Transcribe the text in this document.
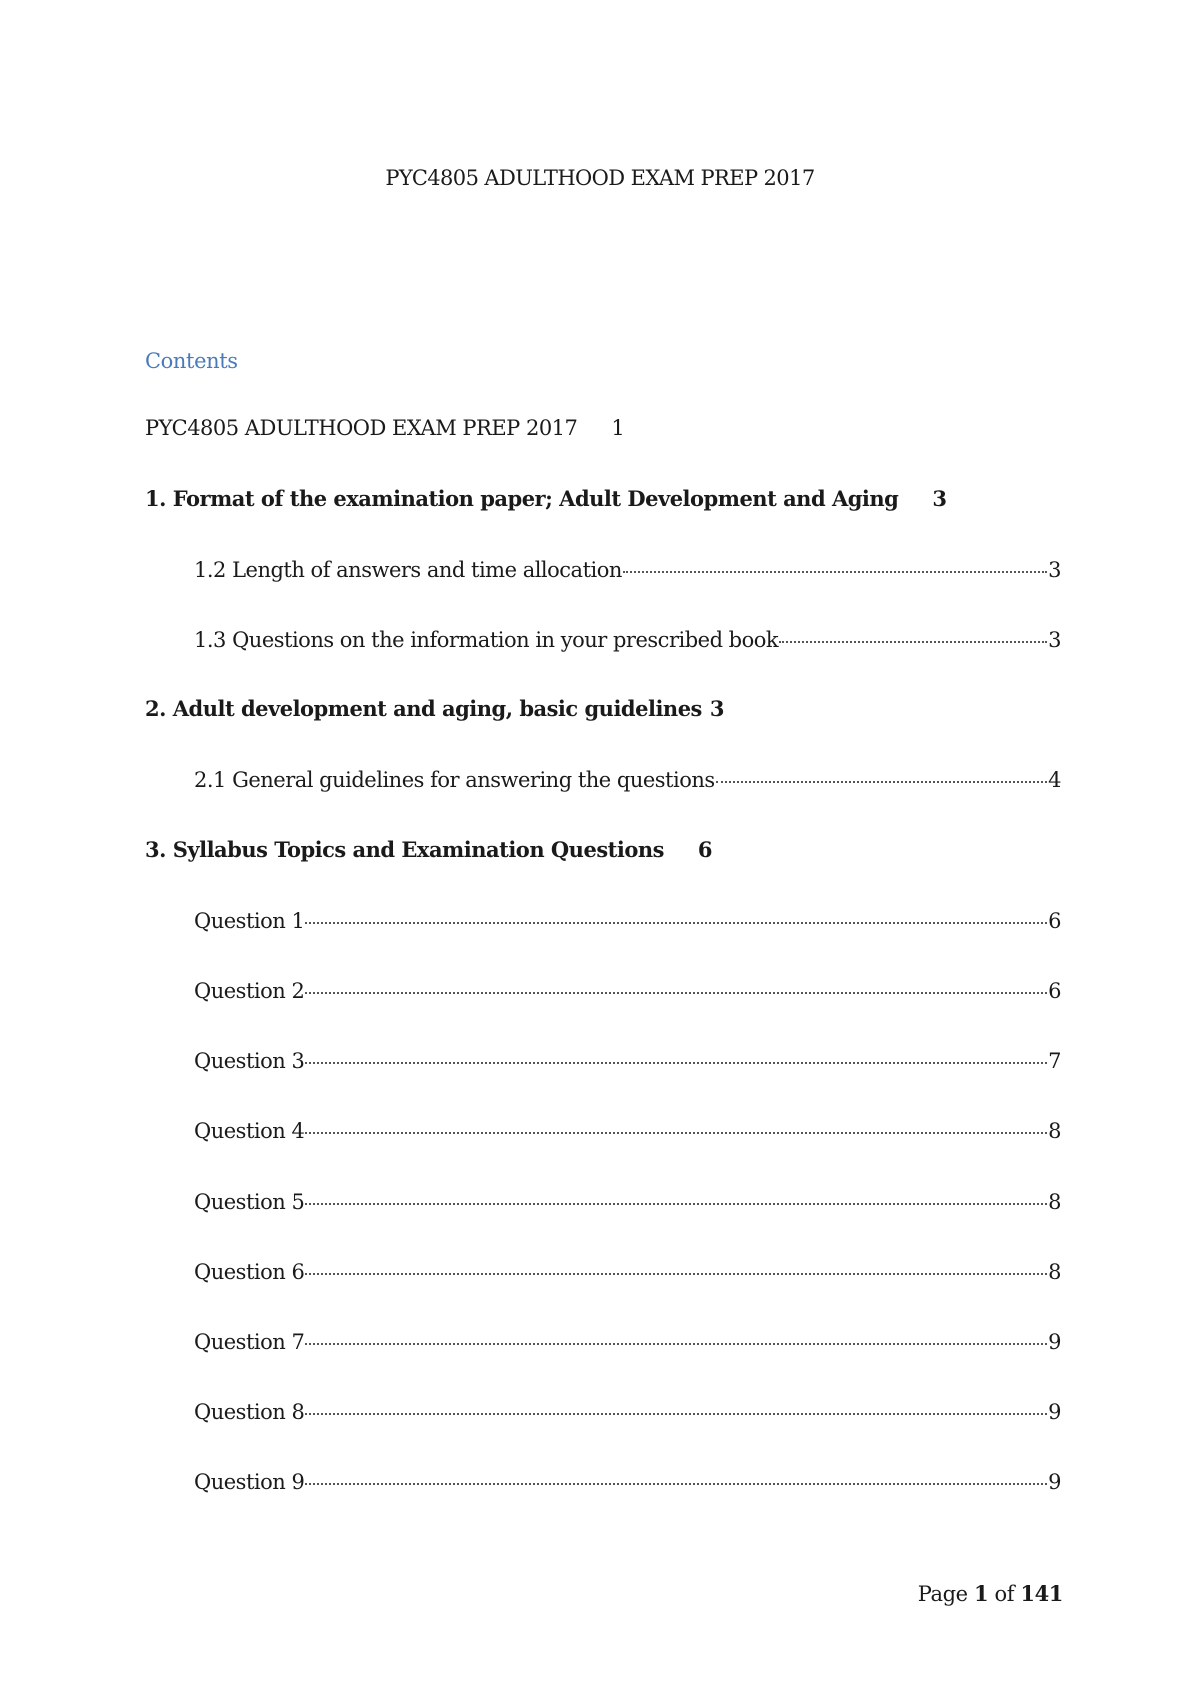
PYC4805 ADULTHOOD EXAM PREP 2017
Contents
PYC4805 ADULTHOOD EXAM PREP 2017 1
1. Format of the examination paper; Adult Development and Aging 3
1.2 Length of answers and time allocation	3
1.3 Questions on the information in your prescribed book	3
2. Adult development and aging, basic guidelines 3
2.1 General guidelines for answering the questions	4
3. Syllabus Topics and Examination Questions 6
Question 1	6
Question 2	6
Question 3	7
Question 4	8
Question 5	8
Question 6	8
Question 7	9
Question 8	9
Question 9	9
Page 1 of 141
